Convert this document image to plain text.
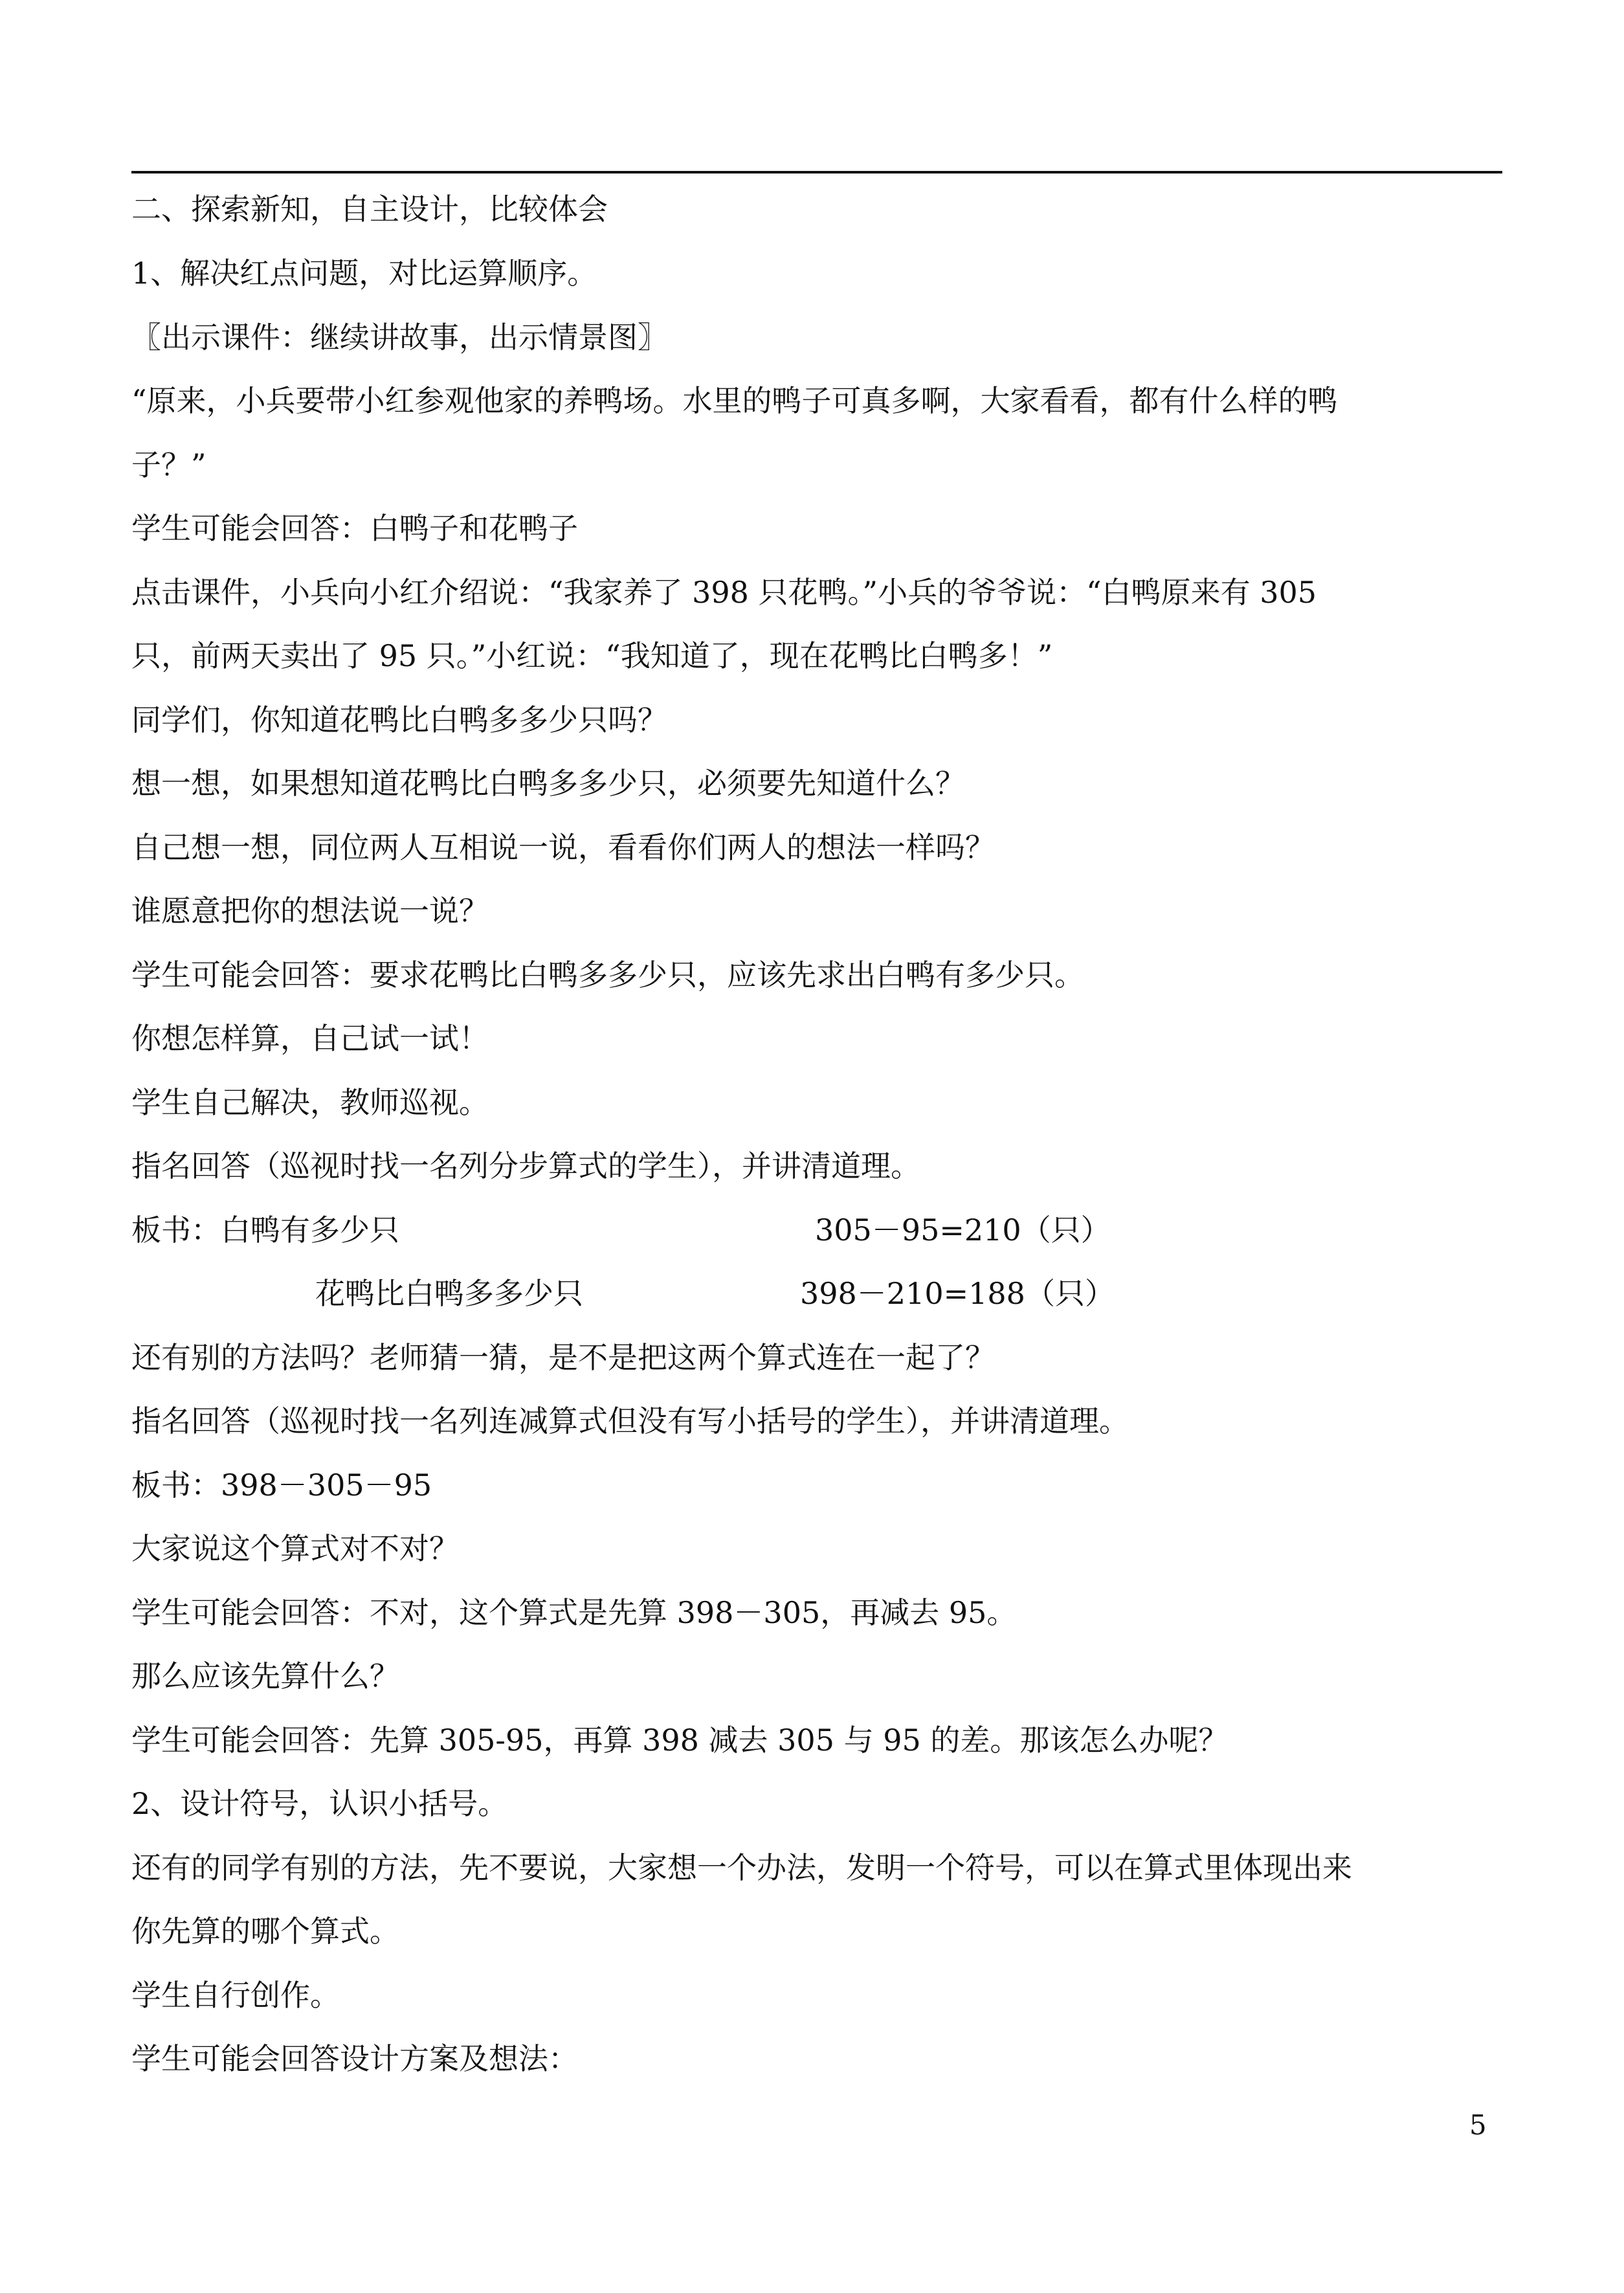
二、探索新知，自主设计，比较体会
1、解决红点问题，对比运算顺序。
〖出示课件：继续讲故事，出示情景图〗
“原来，小兵要带小红参观他家的养鸭场。水里的鸭子可真多啊，大家看看，都有什么样的鸭
子？”
学生可能会回答：白鸭子和花鸭子
点击课件，小兵向小红介绍说：“我家养了 398 只花鸭。”小兵的爷爷说：“白鸭原来有 305
只，前两天卖出了 95 只。”小红说：“我知道了，现在花鸭比白鸭多！”
同学们，你知道花鸭比白鸭多多少只吗？
想一想，如果想知道花鸭比白鸭多多少只，必须要先知道什么？
自己想一想，同位两人互相说一说，看看你们两人的想法一样吗？
谁愿意把你的想法说一说？
学生可能会回答：要求花鸭比白鸭多多少只，应该先求出白鸭有多少只。
你想怎样算，自己试一试！
学生自己解决，教师巡视。
指名回答（巡视时找一名列分步算式的学生），并讲清道理。
板书：白鸭有多少只	305－95=210（只）
花鸭比白鸭多多少只	398－210=188（只）
还有别的方法吗？老师猜一猜，是不是把这两个算式连在一起了？
指名回答（巡视时找一名列连减算式但没有写小括号的学生），并讲清道理。
板书：398－305－95
大家说这个算式对不对？
学生可能会回答：不对，这个算式是先算 398－305，再减去 95。
那么应该先算什么？
学生可能会回答：先算 305-95，再算 398 减去 305 与 95 的差。那该怎么办呢？
2、设计符号，认识小括号。
还有的同学有别的方法，先不要说，大家想一个办法，发明一个符号，可以在算式里体现出来
你先算的哪个算式。
学生自行创作。
学生可能会回答设计方案及想法：
5
